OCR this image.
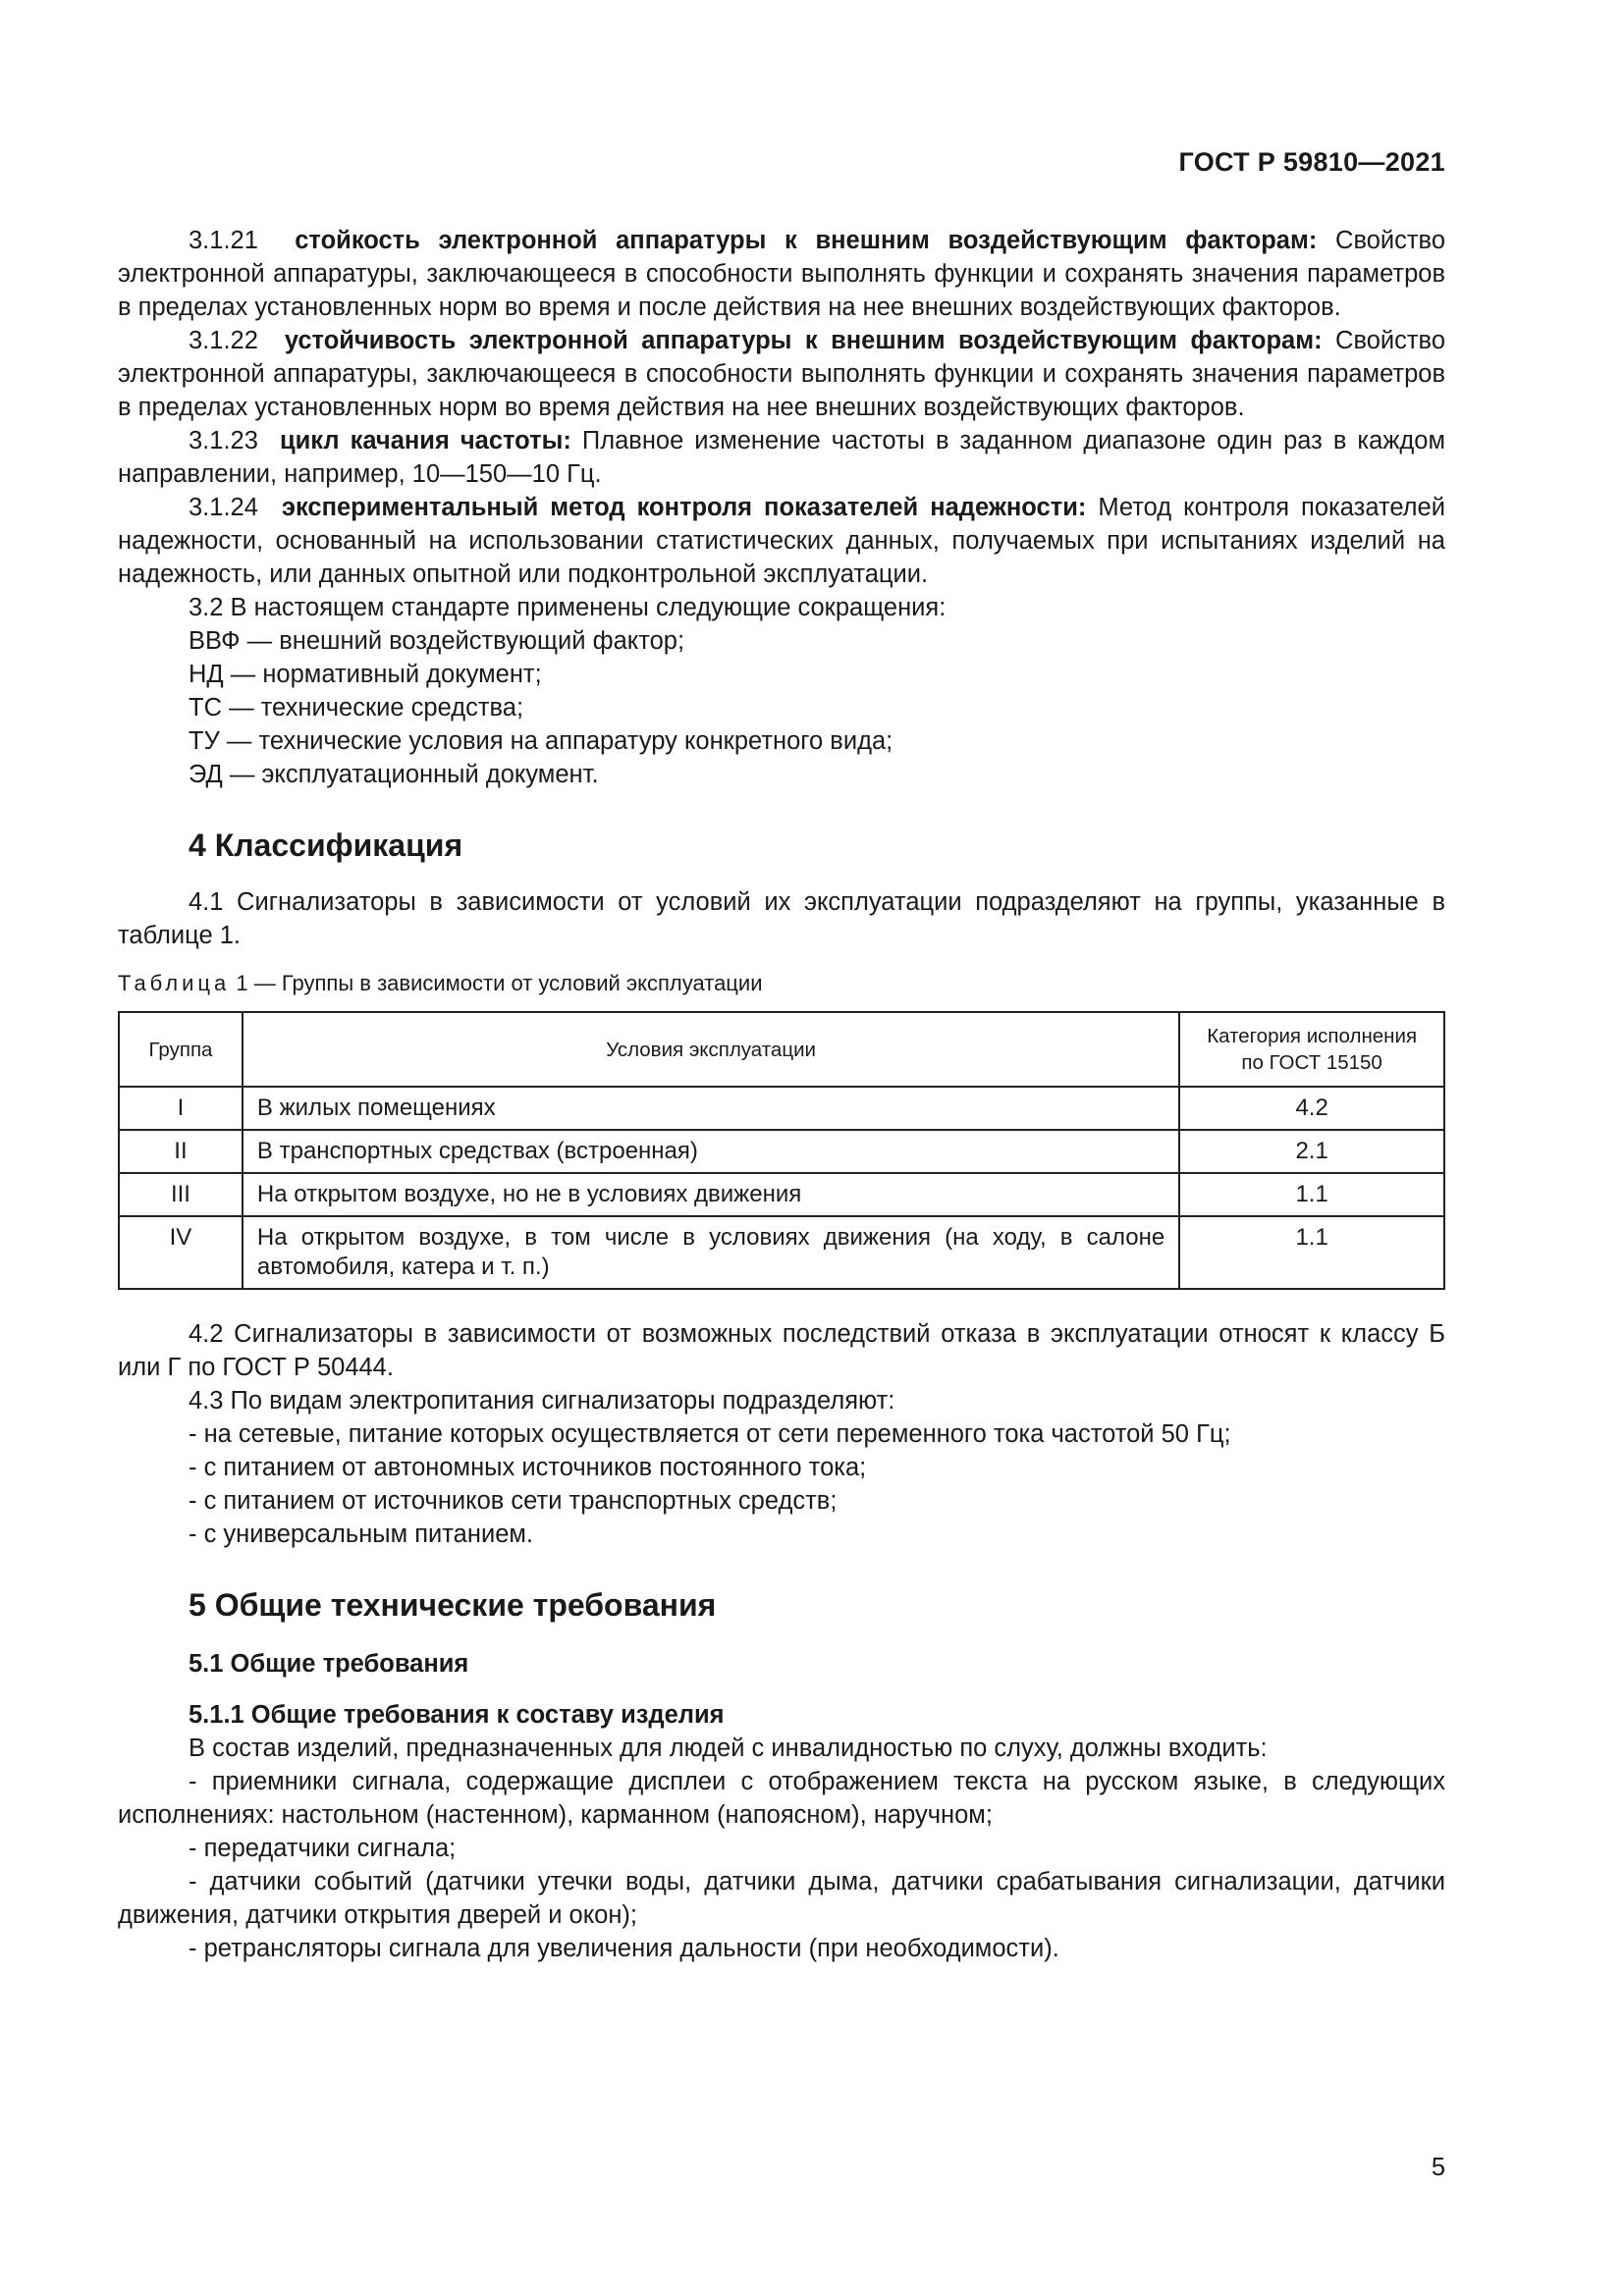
ГОСТ Р 59810—2021

3.1.21 стойкость электронной аппаратуры к внешним воздействующим факторам: Свойство электронной аппаратуры, заключающееся в способности выполнять функции и сохранять значения параметров в пределах установленных норм во время и после действия на нее внешних воздействующих факторов.

3.1.22 устойчивость электронной аппаратуры к внешним воздействующим факторам: Свойство электронной аппаратуры, заключающееся в способности выполнять функции и сохранять значения параметров в пределах установленных норм во время действия на нее внешних воздействующих факторов.

3.1.23 цикл качания частоты: Плавное изменение частоты в заданном диапазоне один раз в каждом направлении, например, 10—150—10 Гц.

3.1.24 экспериментальный метод контроля показателей надежности: Метод контроля показателей надежности, основанный на использовании статистических данных, получаемых при испытаниях изделий на надежность, или данных опытной или подконтрольной эксплуатации.

3.2 В настоящем стандарте применены следующие сокращения:

ВВФ — внешний воздействующий фактор;

НД — нормативный документ;

ТС — технические средства;

ТУ — технические условия на аппаратуру конкретного вида;

ЭД — эксплуатационный документ.

4 Классификация

4.1 Сигнализаторы в зависимости от условий их эксплуатации подразделяют на группы, указанные в таблице 1.

Таблица 1 — Группы в зависимости от условий эксплуатации

Группа	Условия эксплуатации	Категория исполнения по ГОСТ 15150
I	В жилых помещениях	4.2
II	В транспортных средствах (встроенная)	2.1
III	На открытом воздухе, но не в условиях движения	1.1
IV	На открытом воздухе, в том числе в условиях движения (на ходу, в салоне автомобиля, катера и т. п.)	1.1

4.2 Сигнализаторы в зависимости от возможных последствий отказа в эксплуатации относят к классу Б или Г по ГОСТ Р 50444.

4.3 По видам электропитания сигнализаторы подразделяют:

- на сетевые, питание которых осуществляется от сети переменного тока частотой 50 Гц;

- с питанием от автономных источников постоянного тока;

- с питанием от источников сети транспортных средств;

- с универсальным питанием.

5 Общие технические требования
5.1 Общие требования
5.1.1 Общие требования к составу изделия

В состав изделий, предназначенных для людей с инвалидностью по слуху, должны входить:

- приемники сигнала, содержащие дисплеи с отображением текста на русском языке, в следующих исполнениях: настольном (настенном), карманном (напоясном), наручном;

- передатчики сигнала;

- датчики событий (датчики утечки воды, датчики дыма, датчики срабатывания сигнализации, датчики движения, датчики открытия дверей и окон);

- ретрансляторы сигнала для увеличения дальности (при необходимости).

5
